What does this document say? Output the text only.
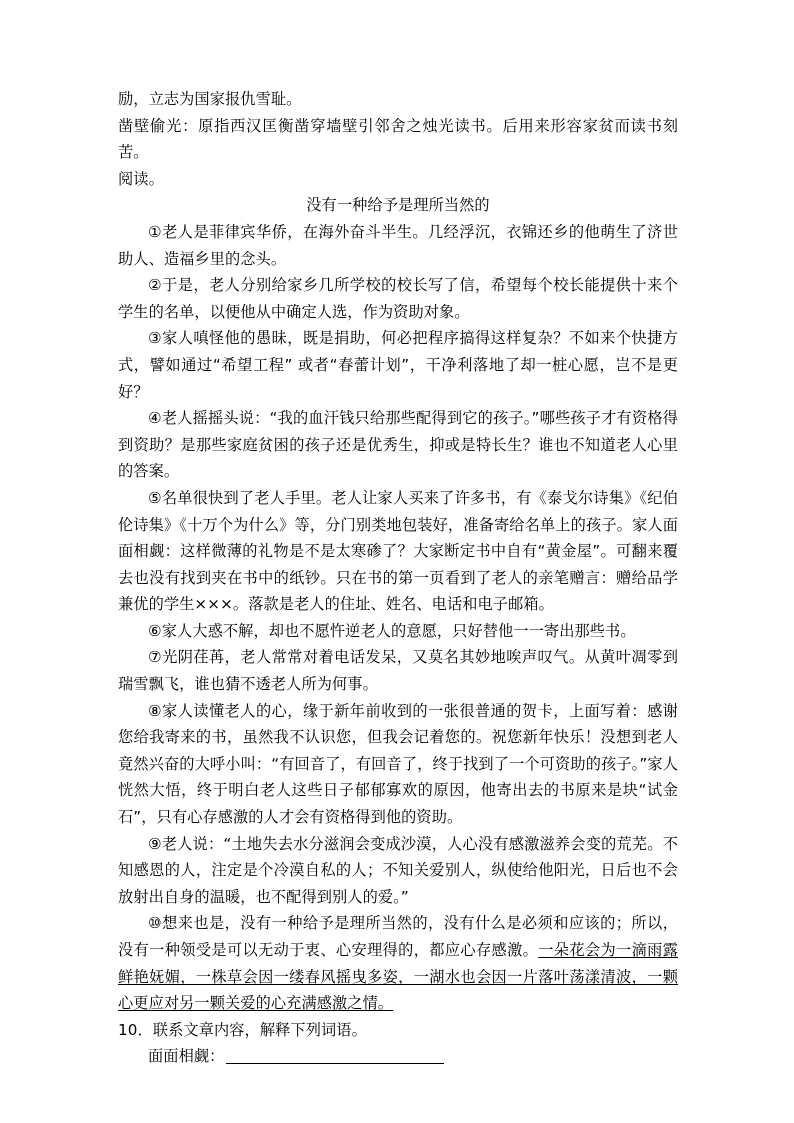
励，立志为国家报仇雪耻。

凿壁偷光：原指西汉匡衡凿穿墙壁引邻舍之烛光读书。后用来形容家贫而读书刻苦。

阅读。

没有一种给予是理所当然的

①老人是菲律宾华侨，在海外奋斗半生。几经浮沉，衣锦还乡的他萌生了济世助人、造福乡里的念头。

②于是，老人分别给家乡几所学校的校长写了信，希望每个校长能提供十来个学生的名单，以便他从中确定人选，作为资助对象。

③家人嗔怪他的愚昧，既是捐助，何必把程序搞得这样复杂？不如来个快捷方式，譬如通过“希望工程” 或者“春蕾计划”，干净利落地了却一桩心愿，岂不是更好？

④老人摇摇头说：“我的血汗钱只给那些配得到它的孩子。”哪些孩子才有资格得到资助？是那些家庭贫困的孩子还是优秀生，抑或是特长生？谁也不知道老人心里的答案。

⑤名单很快到了老人手里。老人让家人买来了许多书，有《泰戈尔诗集》《纪伯伦诗集》《十万个为什么》等，分门别类地包装好，准备寄给名单上的孩子。家人面面相觑：这样微薄的礼物是不是太寒碜了？大家断定书中自有“黄金屋”。可翻来覆去也没有找到夹在书中的纸钞。只在书的第一页看到了老人的亲笔赠言：赠给品学兼优的学生×××。落款是老人的住址、姓名、电话和电子邮箱。

⑥家人大惑不解，却也不愿忤逆老人的意愿，只好替他一一寄出那些书。

⑦光阴荏苒，老人常常对着电话发呆，又莫名其妙地唉声叹气。从黄叶凋零到瑞雪飘飞，谁也猜不透老人所为何事。

⑧家人读懂老人的心，缘于新年前收到的一张很普通的贺卡，上面写着：感谢您给我寄来的书，虽然我不认识您，但我会记着您的。祝您新年快乐！没想到老人竟然兴奋的大呼小叫：“有回音了，有回音了，终于找到了一个可资助的孩子。”家人恍然大悟，终于明白老人这些日子郁郁寡欢的原因，他寄出去的书原来是块“试金石”，只有心存感激的人才会有资格得到他的资助。

⑨老人说：“土地失去水分滋润会变成沙漠，人心没有感激滋养会变的荒芜。不知感恩的人，注定是个冷漠自私的人；不知关爱别人，纵使给他阳光，日后也不会放射出自身的温暖，也不配得到别人的爱。”

⑩想来也是，没有一种给予是理所当然的，没有什么是必须和应该的；所以，没有一种领受是可以无动于衷、心安理得的，都应心存感激。一朵花会为一滴雨露鲜艳妩媚，一株草会因一缕春风摇曳多姿，一湖水也会因一片落叶荡漾清波，一颗心更应对另一颗关爱的心充满感激之情。

10．联系文章内容，解释下列词语。

面面相觑：
